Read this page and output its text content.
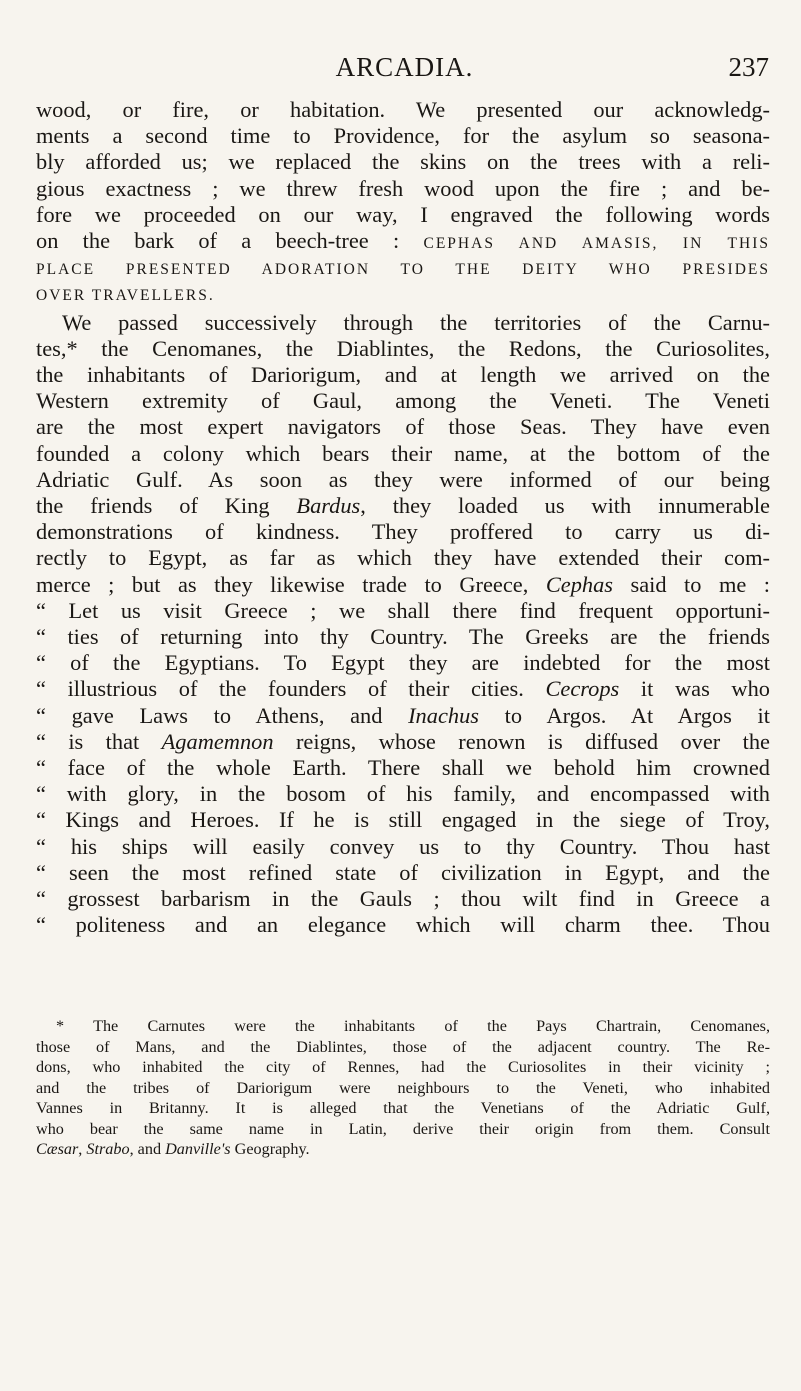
ARCADIA.	237

wood, or fire, or habitation. We presented our acknowledg-
ments a second time to Providence, for the asylum so seasona-
bly afforded us; we replaced the skins on the trees with a reli-
gious exactness ; we threw fresh wood upon the fire ; and be-
fore we proceeded on our way, I engraved the following words
on the bark of a beech-tree : CEPHAS AND AMASIS, IN THIS
PLACE PRESENTED ADORATION TO THE DEITY WHO PRESIDES
OVER TRAVELLERS.

We passed successively through the territories of the Carnu-
tes,* the Cenomanes, the Diablintes, the Redons, the Curiosolites,
the inhabitants of Dariorigum, and at length we arrived on the
Western extremity of Gaul, among the Veneti. The Veneti
are the most expert navigators of those Seas. They have even
founded a colony which bears their name, at the bottom of the
Adriatic Gulf. As soon as they were informed of our being
the friends of King Bardus, they loaded us with innumerable
demonstrations of kindness. They proffered to carry us di-
rectly to Egypt, as far as which they have extended their com-
merce ; but as they likewise trade to Greece, Cephas said to me :
“ Let us visit Greece ; we shall there find frequent opportuni-
“ ties of returning into thy Country. The Greeks are the friends
“ of the Egyptians. To Egypt they are indebted for the most
“ illustrious of the founders of their cities. Cecrops it was who
“ gave Laws to Athens, and Inachus to Argos. At Argos it
“ is that Agamemnon reigns, whose renown is diffused over the
“ face of the whole Earth. There shall we behold him crowned
“ with glory, in the bosom of his family, and encompassed with
“ Kings and Heroes. If he is still engaged in the siege of Troy,
“ his ships will easily convey us to thy Country. Thou hast
“ seen the most refined state of civilization in Egypt, and the
“ grossest barbarism in the Gauls ; thou wilt find in Greece a
“ politeness and an elegance which will charm thee. Thou

* The Carnutes were the inhabitants of the Pays Chartrain, Cenomanes,
those of Mans, and the Diablintes, those of the adjacent country. The Re-
dons, who inhabited the city of Rennes, had the Curiosolites in their vicinity ;
and the tribes of Dariorigum were neighbours to the Veneti, who inhabited
Vannes in Britanny. It is alleged that the Venetians of the Adriatic Gulf,
who bear the same name in Latin, derive their origin from them. Consult
Cæsar, Strabo, and Danville's Geography.
